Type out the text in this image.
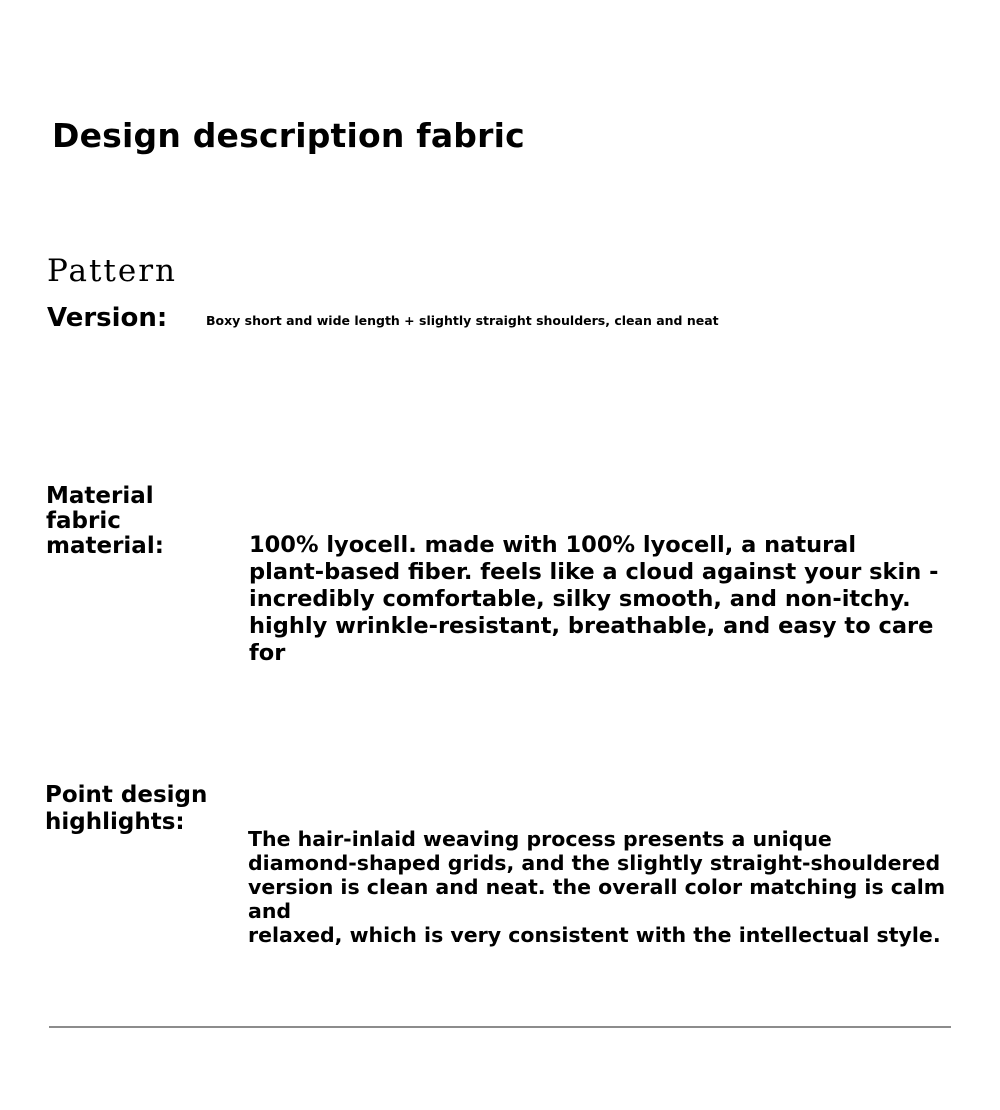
Design description fabric
Pattern
Version:	Boxy short and wide length + slightly straight shoulders, clean and neat
Material
fabric
material:	100% lyocell. made with 100% lyocell, a natural
plant-based fiber. feels like a cloud against your skin -
incredibly comfortable, silky smooth, and non-itchy.
highly wrinkle-resistant, breathable, and easy to care for
Point design
highlights:
The hair-inlaid weaving process presents a unique
diamond-shaped grids, and the slightly straight-shouldered
version is clean and neat. the overall color matching is calm and
relaxed, which is very consistent with the intellectual style.
